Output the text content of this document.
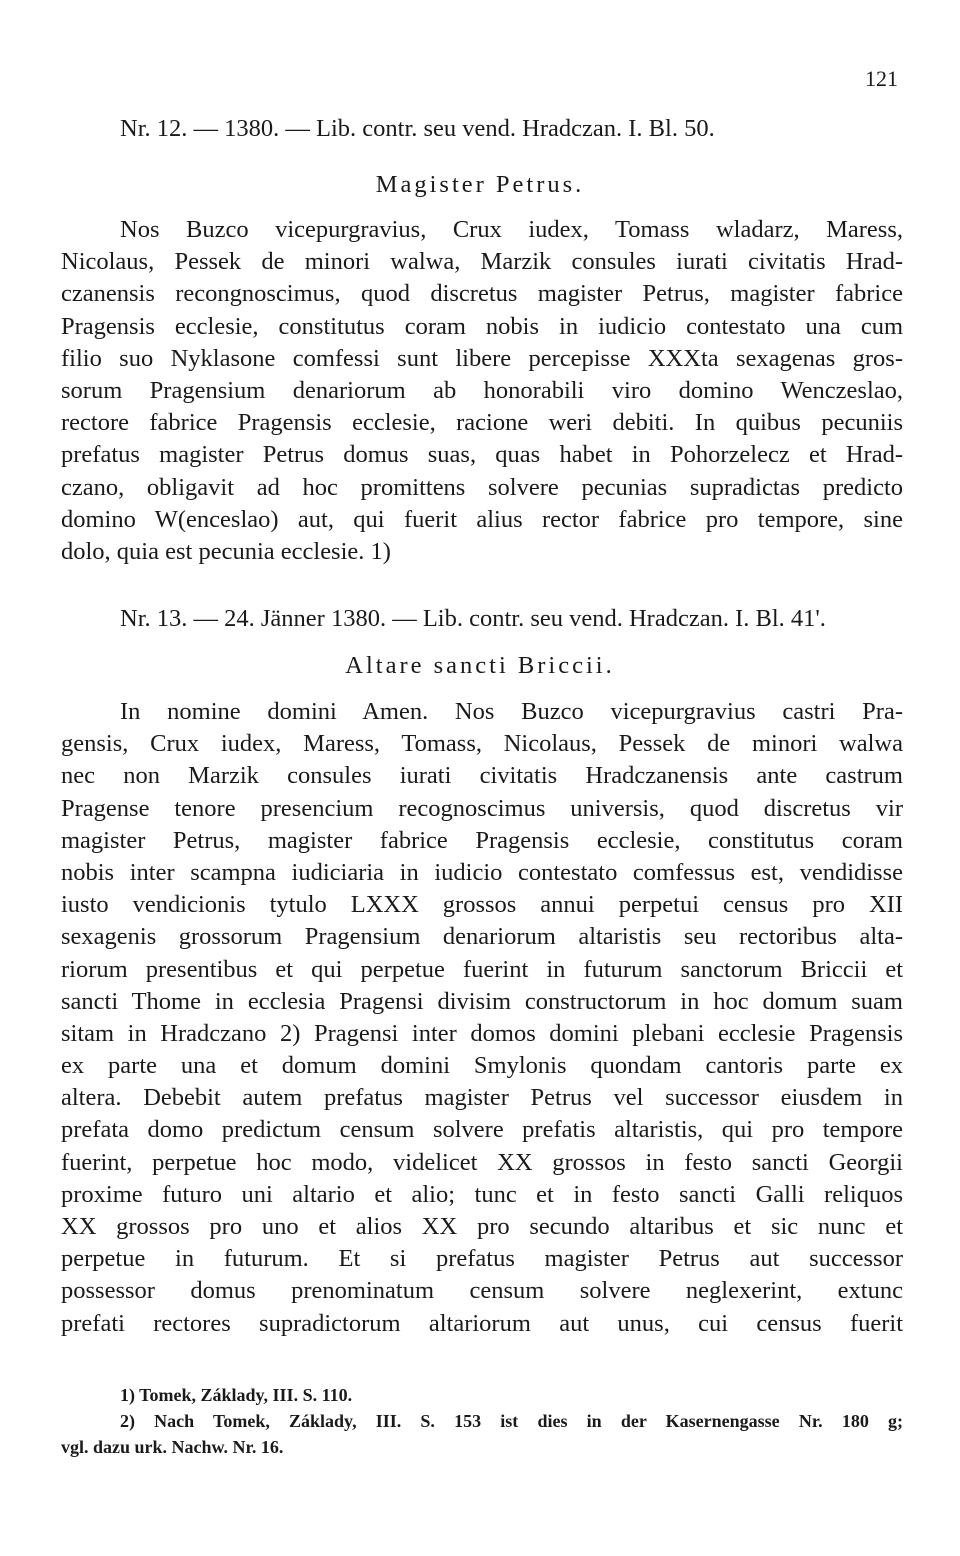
121
Nr. 12. — 1380. — Lib. contr. seu vend. Hradczan. I. Bl. 50.
Magister Petrus.
Nos Buzco vicepurgravius, Crux iudex, Tomass wladarz, Maress,
Nicolaus, Pessek de minori walwa, Marzik consules iurati civitatis Hrad-
czanensis recongnoscimus, quod discretus magister Petrus, magister fabrice
Pragensis ecclesie, constitutus coram nobis in iudicio contestato una cum
filio suo Nyklasone comfessi sunt libere percepisse XXXta sexagenas gros-
sorum Pragensium denariorum ab honorabili viro domino Wenczeslao,
rectore fabrice Pragensis ecclesie, racione weri debiti. In quibus pecuniis
prefatus magister Petrus domus suas, quas habet in Pohorzelecz et Hrad-
czano, obligavit ad hoc promittens solvere pecunias supradictas predicto
domino W(enceslao) aut, qui fuerit alius rector fabrice pro tempore, sine
dolo, quia est pecunia ecclesie. 1)
Nr. 13. — 24. Jänner 1380. — Lib. contr. seu vend. Hradczan. I. Bl. 41'.
Altare sancti Briccii.
In nomine domini Amen. Nos Buzco vicepurgravius castri Pra-
gensis, Crux iudex, Maress, Tomass, Nicolaus, Pessek de minori walwa
nec non Marzik consules iurati civitatis Hradczanensis ante castrum
Pragense tenore presencium recognoscimus universis, quod discretus vir
magister Petrus, magister fabrice Pragensis ecclesie, constitutus coram
nobis inter scampna iudiciaria in iudicio contestato comfessus est, vendidisse
iusto vendicionis tytulo LXXX grossos annui perpetui census pro XII
sexagenis grossorum Pragensium denariorum altaristis seu rectoribus alta-
riorum presentibus et qui perpetue fuerint in futurum sanctorum Briccii et
sancti Thome in ecclesia Pragensi divisim constructorum in hoc domum suam
sitam in Hradczano 2) Pragensi inter domos domini plebani ecclesie Pragensis
ex parte una et domum domini Smylonis quondam cantoris parte ex
altera. Debebit autem prefatus magister Petrus vel successor eiusdem in
prefata domo predictum censum solvere prefatis altaristis, qui pro tempore
fuerint, perpetue hoc modo, videlicet XX grossos in festo sancti Georgii
proxime futuro uni altario et alio; tunc et in festo sancti Galli reliquos
XX grossos pro uno et alios XX pro secundo altaribus et sic nunc et
perpetue in futurum. Et si prefatus magister Petrus aut successor
possessor domus prenominatum censum solvere neglexerint, extunc
prefati rectores supradictorum altariorum aut unus, cui census fuerit
1) Tomek, Základy, III. S. 110.
2) Nach Tomek, Základy, III. S. 153 ist dies in der Kasernengasse Nr. 180 g;
vgl. dazu urk. Nachw. Nr. 16.
